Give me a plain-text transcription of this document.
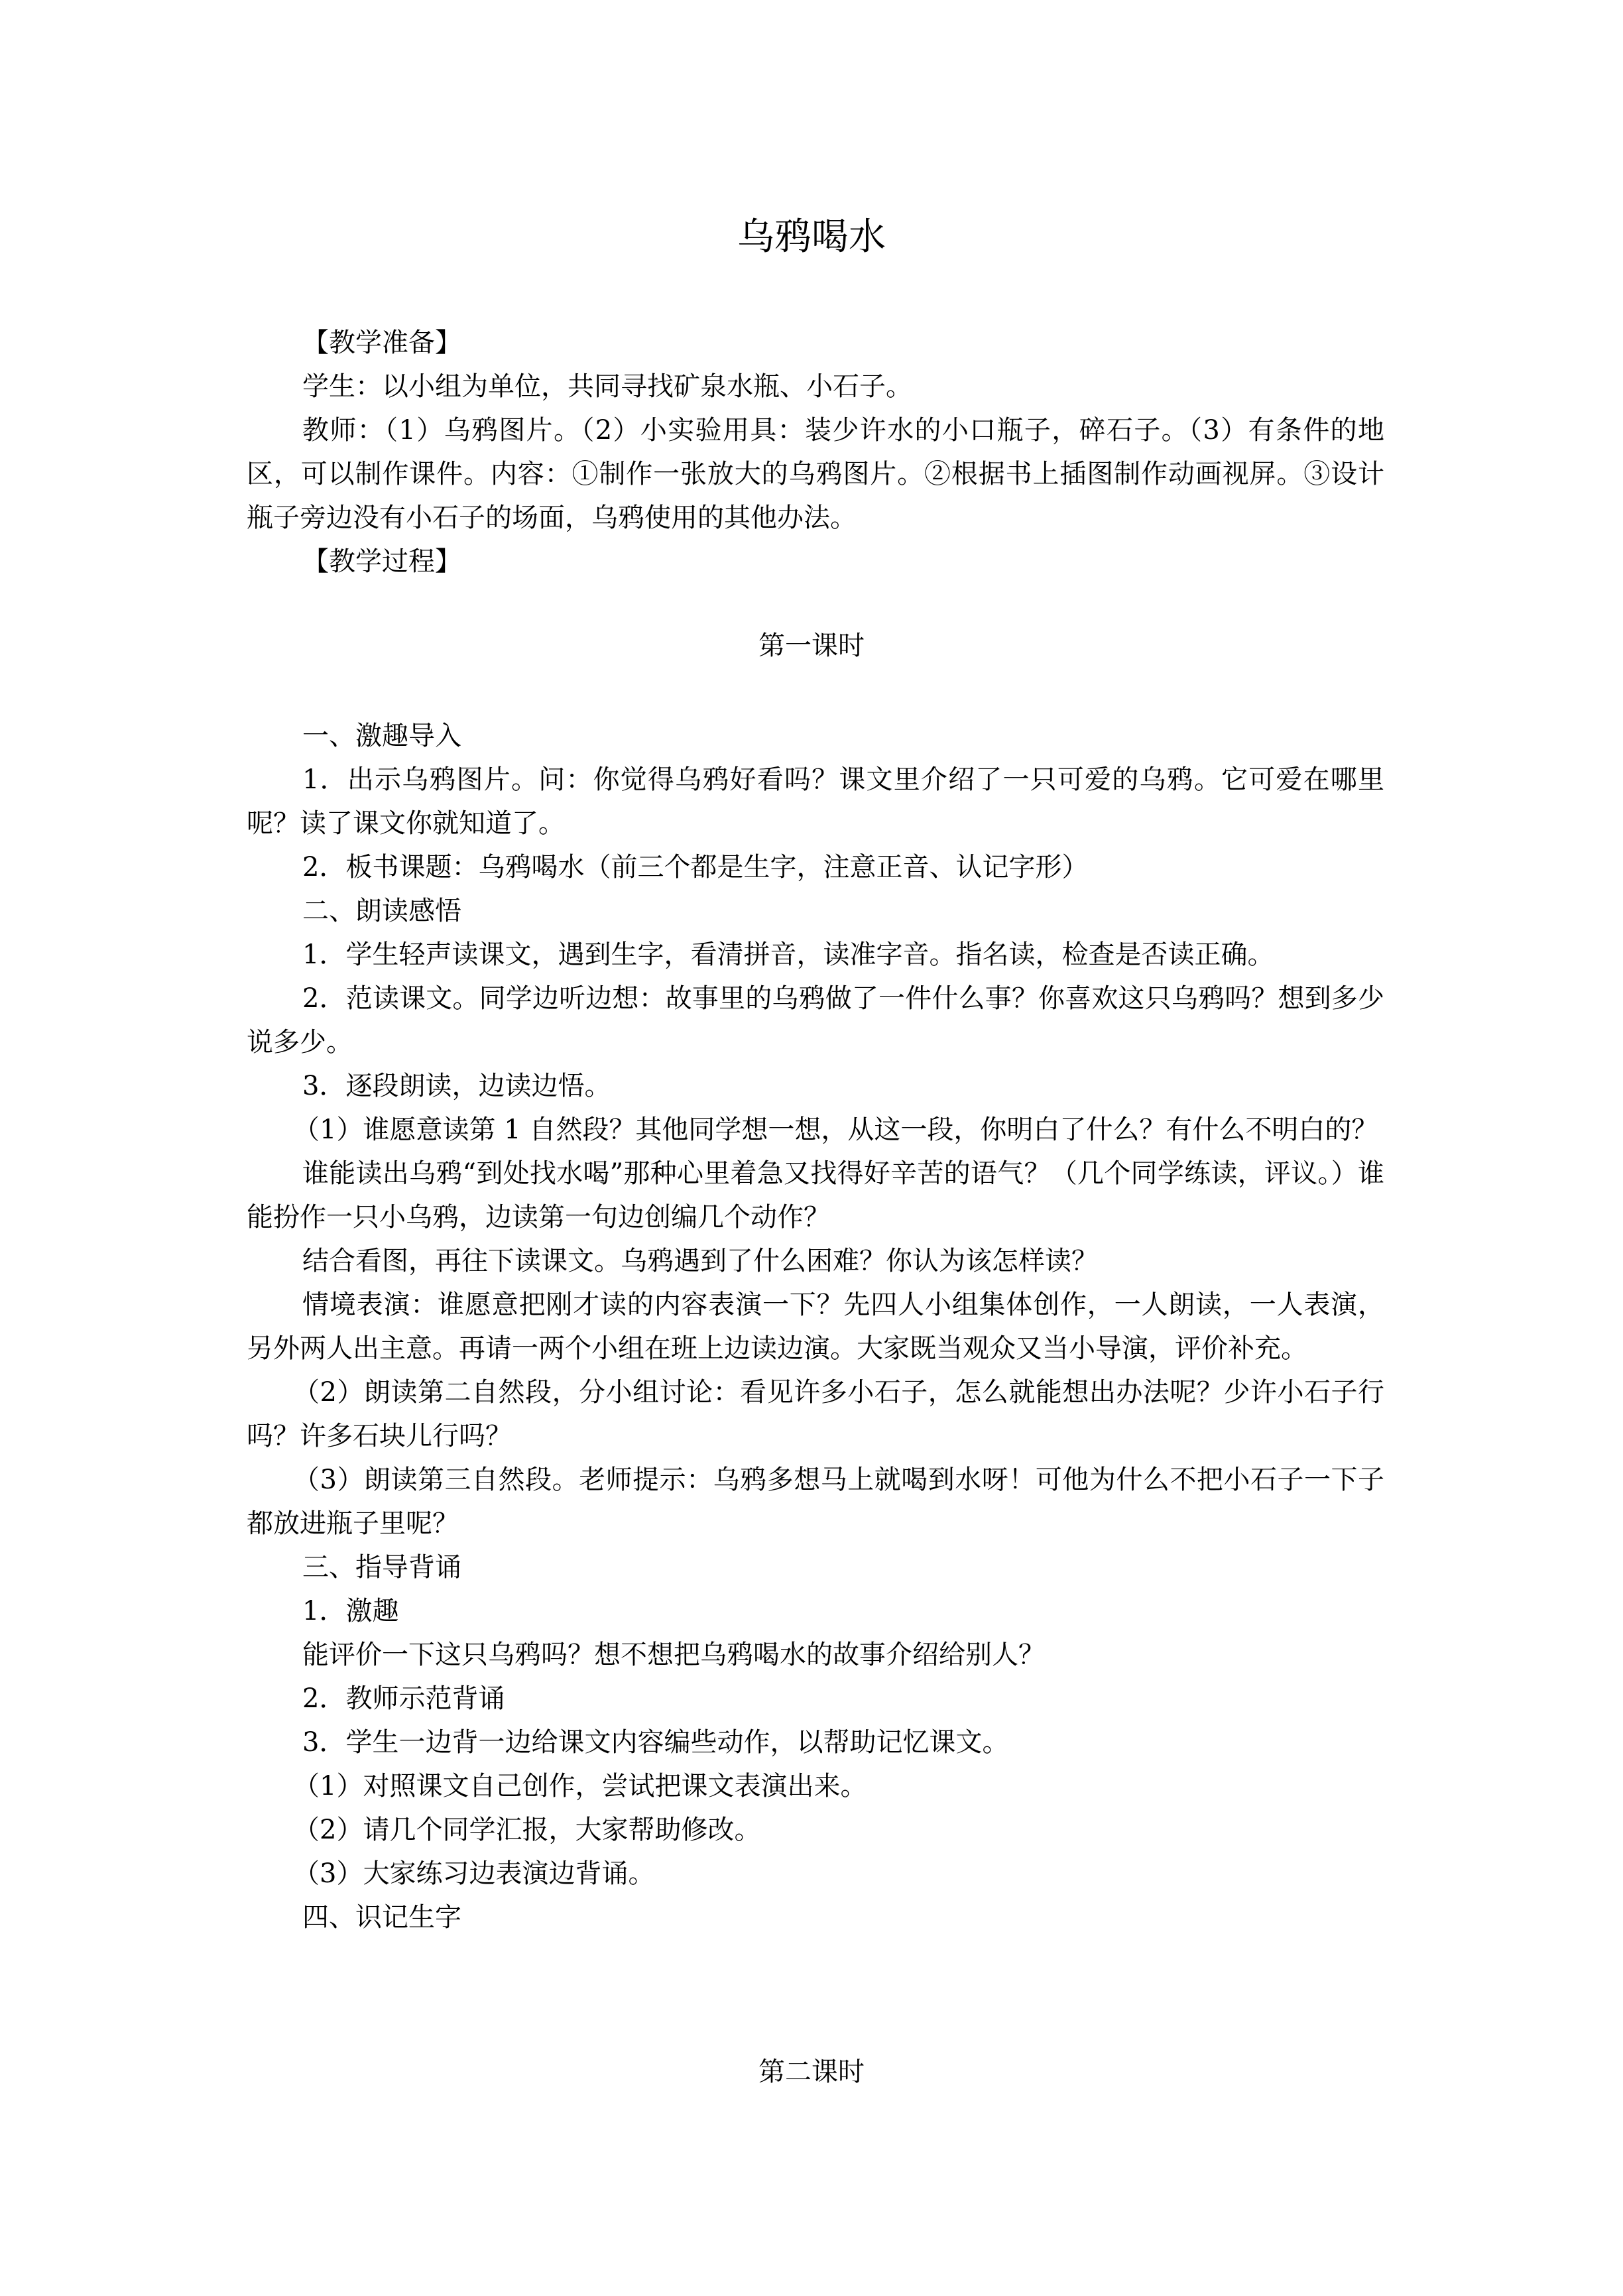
乌鸦喝水

【教学准备】

学生：以小组为单位，共同寻找矿泉水瓶、小石子。

教师：（1）乌鸦图片。（2）小实验用具：装少许水的小口瓶子，碎石子。（3）有条件的地区，可以制作课件。内容：①制作一张放大的乌鸦图片。②根据书上插图制作动画视屏。③设计瓶子旁边没有小石子的场面，乌鸦使用的其他办法。

【教学过程】

第一课时

一、激趣导入

1．出示乌鸦图片。问：你觉得乌鸦好看吗？课文里介绍了一只可爱的乌鸦。它可爱在哪里呢？读了课文你就知道了。

2．板书课题：乌鸦喝水（前三个都是生字，注意正音、认记字形）

二、朗读感悟

1．学生轻声读课文，遇到生字，看清拼音，读准字音。指名读，检查是否读正确。

2．范读课文。同学边听边想：故事里的乌鸦做了一件什么事？你喜欢这只乌鸦吗？想到多少说多少。

3．逐段朗读，边读边悟。

（1）谁愿意读第 1 自然段？其他同学想一想，从这一段，你明白了什么？有什么不明白的？

谁能读出乌鸦“到处找水喝”那种心里着急又找得好辛苦的语气？（几个同学练读，评议。）谁能扮作一只小乌鸦，边读第一句边创编几个动作？

结合看图，再往下读课文。乌鸦遇到了什么困难？你认为该怎样读？

情境表演：谁愿意把刚才读的内容表演一下？先四人小组集体创作，一人朗读，一人表演，另外两人出主意。再请一两个小组在班上边读边演。大家既当观众又当小导演，评价补充。

（2）朗读第二自然段，分小组讨论：看见许多小石子，怎么就能想出办法呢？少许小石子行吗？许多石块儿行吗？

（3）朗读第三自然段。老师提示：乌鸦多想马上就喝到水呀！可他为什么不把小石子一下子都放进瓶子里呢？

三、指导背诵

1．激趣

能评价一下这只乌鸦吗？想不想把乌鸦喝水的故事介绍给别人？

2．教师示范背诵

3．学生一边背一边给课文内容编些动作，以帮助记忆课文。

（1）对照课文自己创作，尝试把课文表演出来。

（2）请几个同学汇报，大家帮助修改。

（3）大家练习边表演边背诵。

四、识记生字

第二课时
